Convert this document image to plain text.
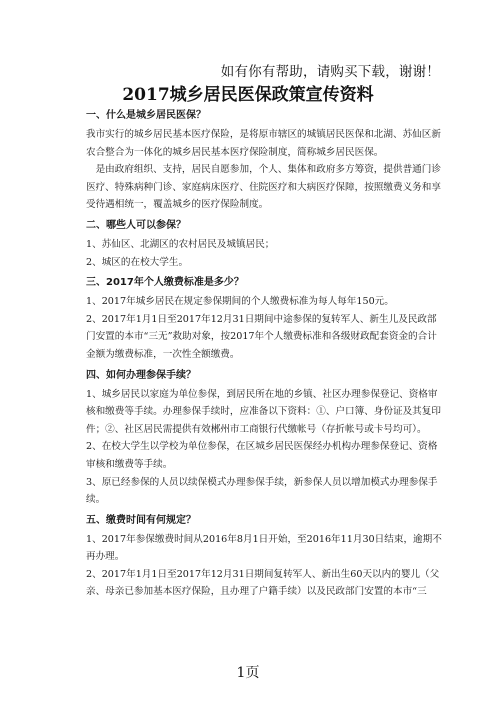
如有你有帮助，请购买下载，谢谢！
2017城乡居民医保政策宣传资料
一、什么是城乡居民医保？

我市实行的城乡居民基本医疗保险，是将原市辖区的城镇居民医保和北湖、苏仙区新农合整合为一体化的城乡居民基本医疗保险制度，简称城乡居民医保。

是由政府组织、支持，居民自愿参加，个人、集体和政府多方筹资，提供普通门诊医疗、特殊病种门诊、家庭病床医疗、住院医疗和大病医疗保障，按照缴费义务和享受待遇相统一，覆盖城乡的医疗保险制度。

二、哪些人可以参保？

1、苏仙区、北湖区的农村居民及城镇居民；

2、城区的在校大学生。

三、2017年个人缴费标准是多少？

1、2017年城乡居民在规定参保期间的个人缴费标准为每人每年150元。

2、2017年1月1日至2017年12月31日期间中途参保的复转军人、新生儿及民政部门安置的本市“三无”救助对象，按2017年个人缴费标准和各级财政配套资金的合计金额为缴费标准，一次性全额缴费。

四、如何办理参保手续？

1、城乡居民以家庭为单位参保，到居民所在地的乡镇、社区办理参保登记、资格审核和缴费等手续。办理参保手续时，应准备以下资料：①、户口簿、身份证及其复印件；②、社区居民需提供有效郴州市工商银行代缴帐号（存折帐号或卡号均可）。

2、在校大学生以学校为单位参保，在区城乡居民医保经办机构办理参保登记、资格审核和缴费等手续。

3、原已经参保的人员以续保模式办理参保手续，新参保人员以增加模式办理参保手续。

五、缴费时间有何规定？

1、2017年参保缴费时间从2016年8月1日开始，至2016年11月30日结束，逾期不再办理。

2、2017年1月1日至2017年12月31日期间复转军人、新出生60天以内的婴儿（父亲、母亲已参加基本医疗保险，且办理了户籍手续）以及民政部门安置的本市“三

1页
